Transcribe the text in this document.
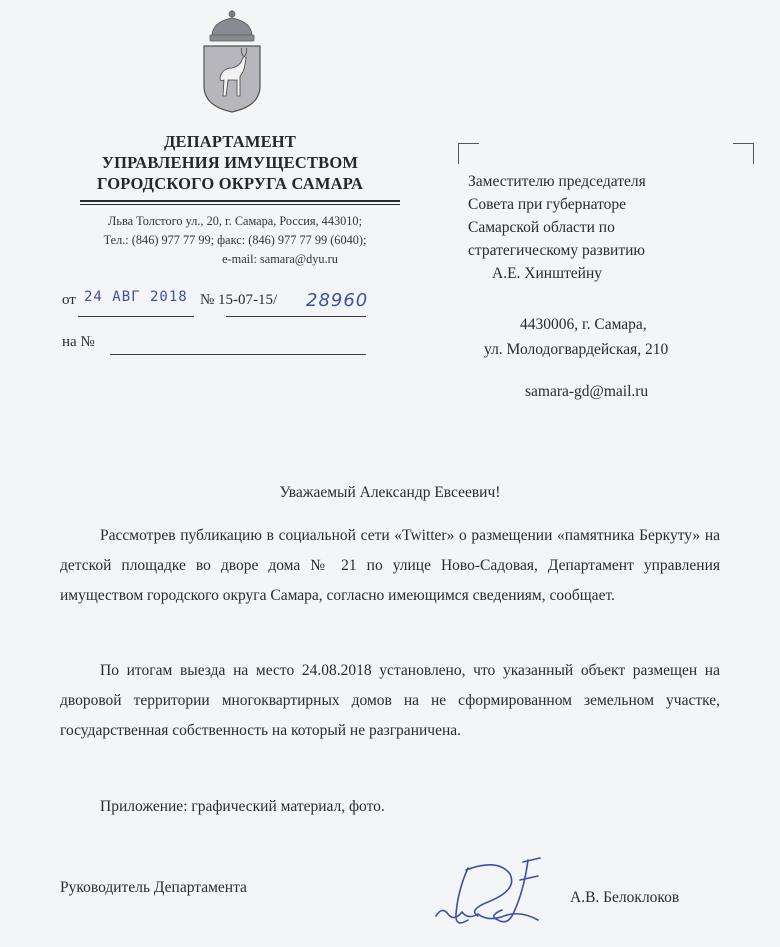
ДЕПАРТАМЕНТ
УПРАВЛЕНИЯ ИМУЩЕСТВОМ
ГОРОДСКОГО ОКРУГА САМАРА
Льва Толстого ул., 20, г. Самара, Россия, 443010;
Тел.: (846) 977 77 99; факс: (846) 977 77 99 (6040);
e-mail: samara@dyu.ru
от 24 АВГ 2018 № 15-07-15/ 28960
на №
Заместителю председателя
Совета при губернаторе
Самарской области по
стратегическому развитию
А.Е. Хинштейну
4430006, г. Самара,
ул. Молодогвардейская, 210
samara-gd@mail.ru
Уважаемый Александр Евсеевич!
Рассмотрев публикацию в социальной сети «Twitter» о размещении «памятника Беркуту» на детской площадке во дворе дома № 21 по улице Ново-Садовая, Департамент управления имуществом городского округа Самара, согласно имеющимся сведениям, сообщает.
По итогам выезда на место 24.08.2018 установлено, что указанный объект размещен на дворовой территории многоквартирных домов на не сформированном земельном участке, государственная собственность на который не разграничена.
Приложение: графический материал, фото.
Руководитель Департамента
А.В. Белоклоков
